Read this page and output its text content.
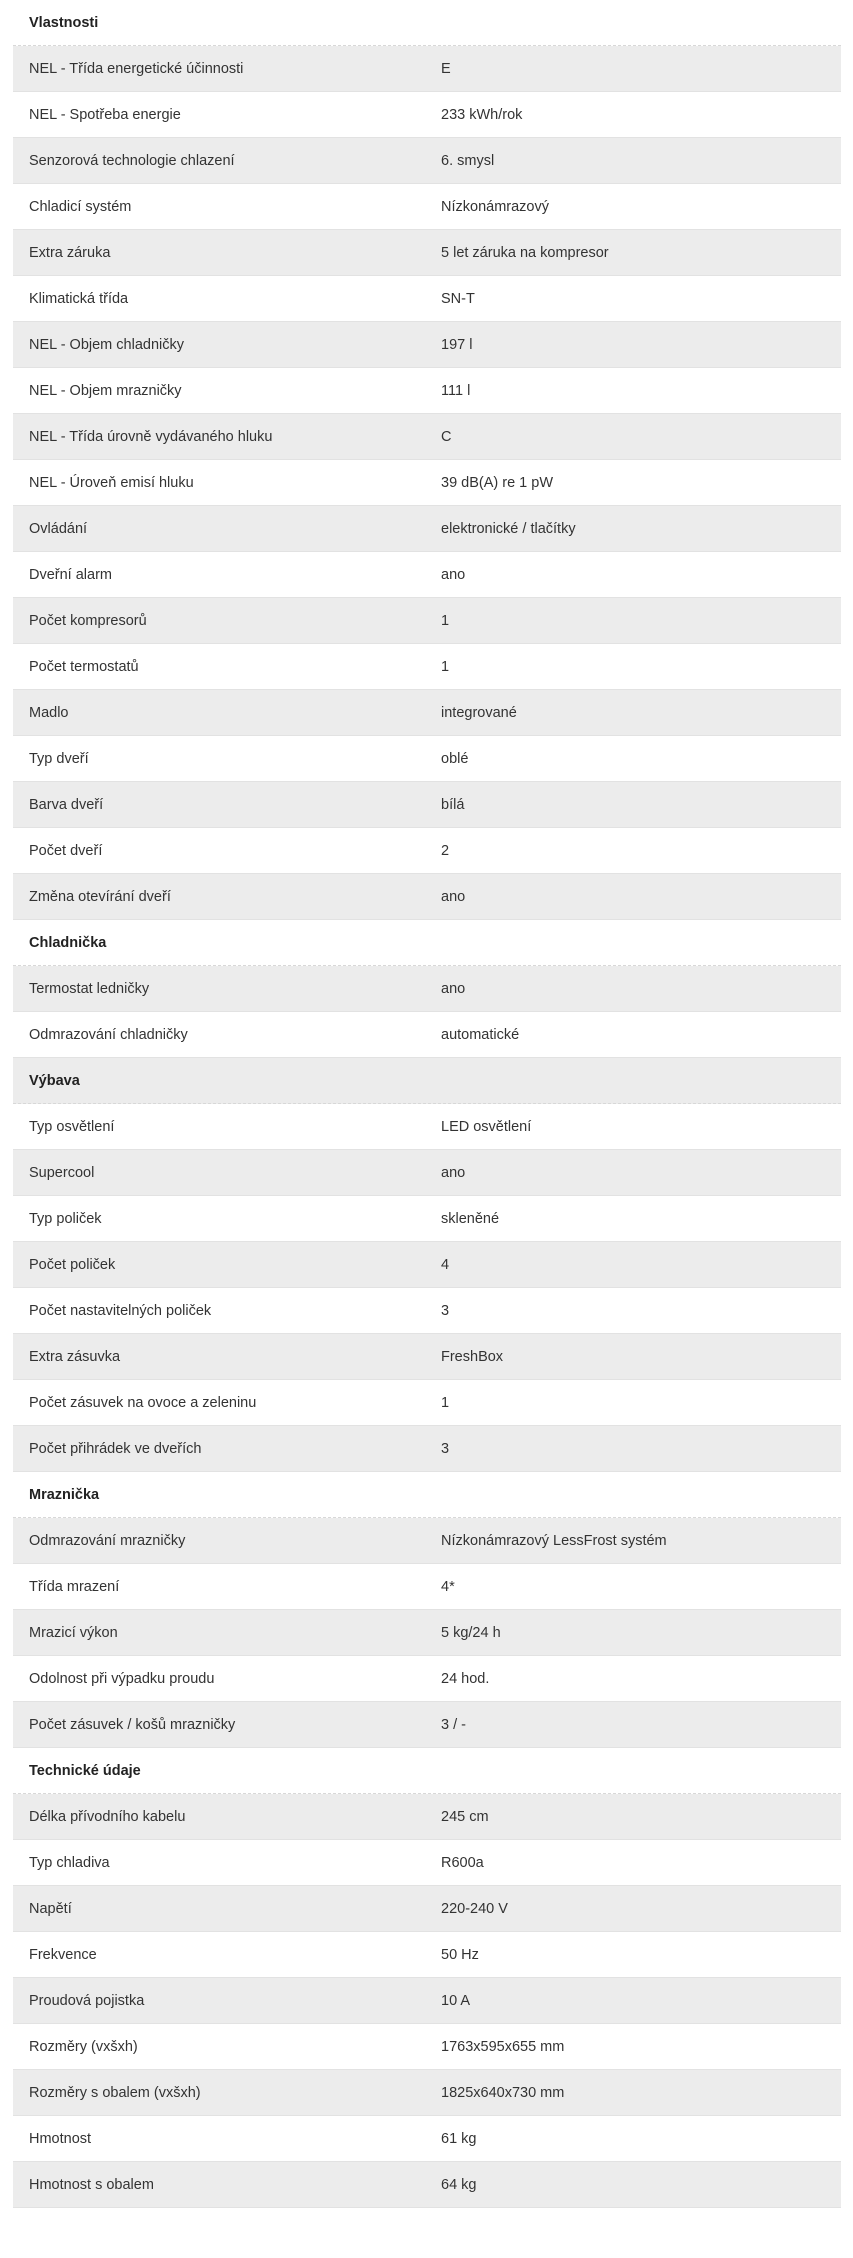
Vlastnosti
NEL - Třída energetické účinnosti	E
NEL - Spotřeba energie	233 kWh/rok
Senzorová technologie chlazení	6. smysl
Chladicí systém	Nízkonámrazový
Extra záruka	5 let záruka na kompresor
Klimatická třída	SN-T
NEL - Objem chladničky	197 l
NEL - Objem mrazničky	111 l
NEL - Třída úrovně vydávaného hluku	C
NEL - Úroveň emisí hluku	39 dB(A) re 1 pW
Ovládání	elektronické / tlačítky
Dveřní alarm	ano
Počet kompresorů	1
Počet termostatů	1
Madlo	integrované
Typ dveří	oblé
Barva dveří	bílá
Počet dveří	2
Změna otevírání dveří	ano
Chladnička
Termostat ledničky	ano
Odmrazování chladničky	automatické
Výbava
Typ osvětlení	LED osvětlení
Supercool	ano
Typ poliček	skleněné
Počet poliček	4
Počet nastavitelných poliček	3
Extra zásuvka	FreshBox
Počet zásuvek na ovoce a zeleninu	1
Počet přihrádek ve dveřích	3
Mraznička
Odmrazování mrazničky	Nízkonámrazový LessFrost systém
Třída mrazení	4*
Mrazicí výkon	5 kg/24 h
Odolnost při výpadku proudu	24 hod.
Počet zásuvek / košů mrazničky	3 / -
Technické údaje
Délka přívodního kabelu	245 cm
Typ chladiva	R600a
Napětí	220-240 V
Frekvence	50 Hz
Proudová pojistka	10 A
Rozměry (vxšxh)	1763x595x655 mm
Rozměry s obalem (vxšxh)	1825x640x730 mm
Hmotnost	61 kg
Hmotnost s obalem	64 kg
